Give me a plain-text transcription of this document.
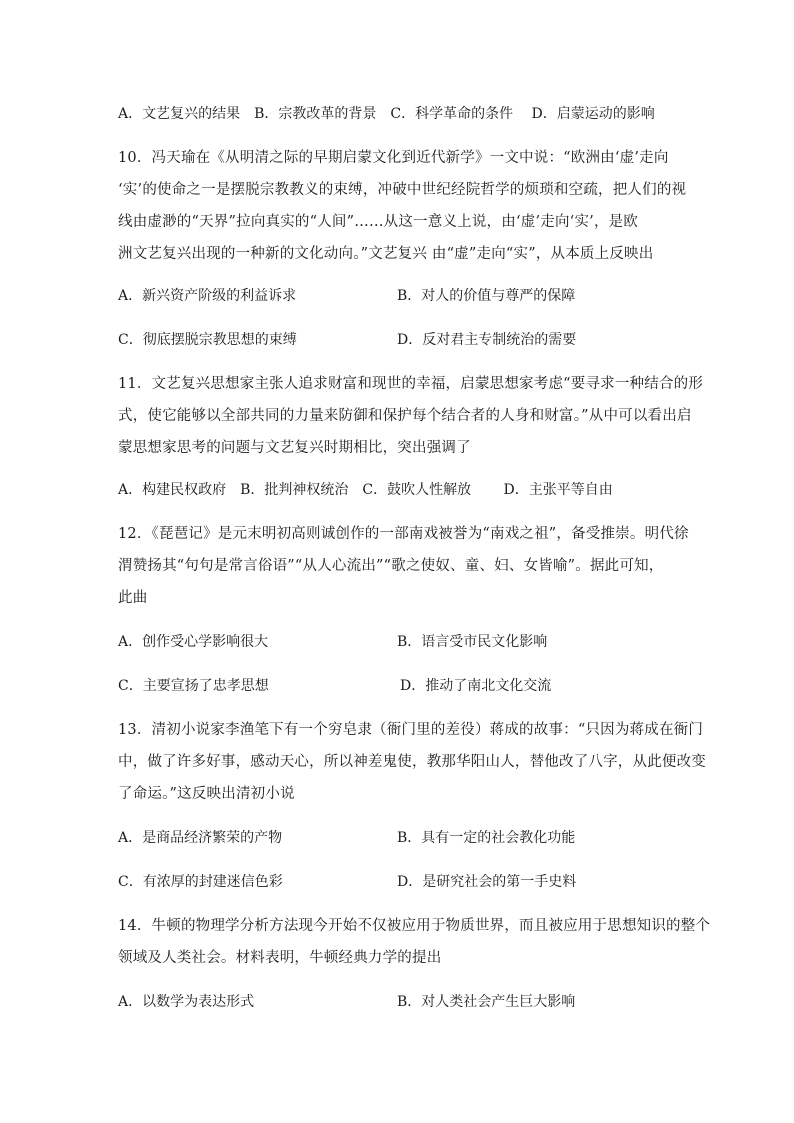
A．文艺复兴的结果　B．宗教改革的背景　C．科学革命的条件　 D．启蒙运动的影响
10．冯天瑜在《从明清之际的早期启蒙文化到近代新学》一文中说：“欧洲由‘虚’走向
‘实’的使命之一是摆脱宗教教义的束缚，冲破中世纪经院哲学的烦琐和空疏，把人们的视
线由虚渺的“天界”拉向真实的“人间”……从这一意义上说，由‘虚’走向‘实’，是欧
洲文艺复兴出现的一种新的文化动向。”文艺复兴 由“虚”走向“实”，从本质上反映出
A．新兴资产阶级的利益诉求	B．对人的价值与尊严的保障
C．彻底摆脱宗教思想的束缚	D．反对君主专制统治的需要
11．文艺复兴思想家主张人追求财富和现世的幸福，启蒙思想家考虑“要寻求一种结合的形
式，使它能够以全部共同的力量来防御和保护每个结合者的人身和财富。”从中可以看出启
蒙思想家思考的问题与文艺复兴时期相比，突出强调了
A．构建民权政府　B．批判神权统治　C．鼓吹人性解放　　 D．主张平等自由
12．《琵琶记》是元末明初高则诚创作的一部南戏被誉为“南戏之祖”，备受推崇。明代徐
渭赞扬其“句句是常言俗语”“从人心流出”“歌之使奴、童、妇、女皆喻”。据此可知，
此曲
A．创作受心学影响很大	B．语言受市民文化影响
C．主要宣扬了忠孝思想	D．推动了南北文化交流
13．清初小说家李渔笔下有一个穷皂隶（衙门里的差役）蒋成的故事：“只因为蒋成在衙门
中，做了许多好事，感动天心，所以神差鬼使，教那华阳山人，替他改了八字，从此便改变
了命运。”这反映出清初小说
A．是商品经济繁荣的产物	B．具有一定的社会教化功能
C．有浓厚的封建迷信色彩	D．是研究社会的第一手史料
14．牛顿的物理学分析方法现今开始不仅被应用于物质世界，而且被应用于思想知识的整个
领域及人类社会。材料表明，牛顿经典力学的提出
A．以数学为表达形式	B．对人类社会产生巨大影响
